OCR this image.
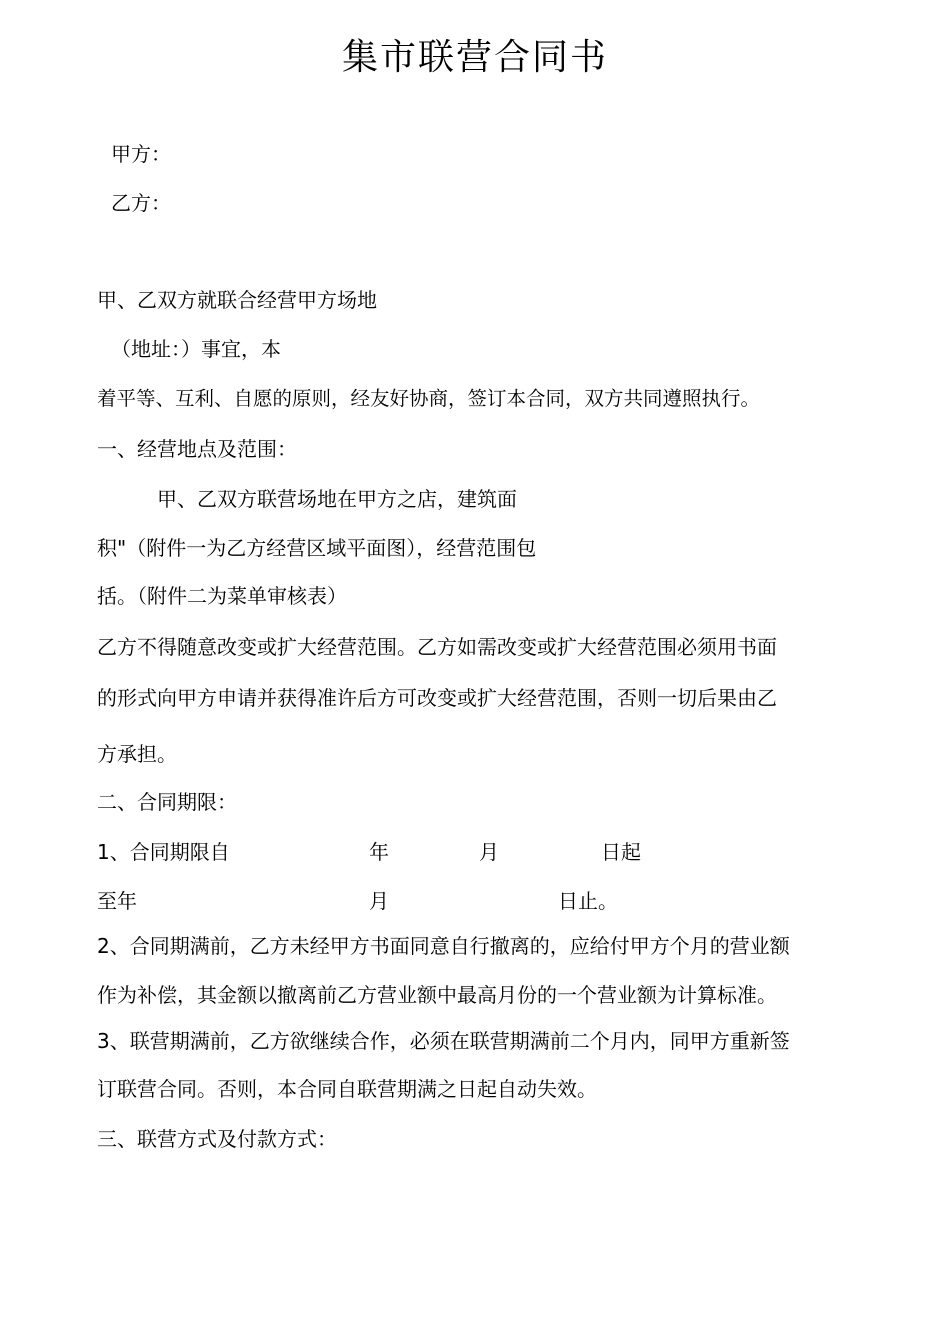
集市联营合同书
甲方：
乙方：
甲、乙双方就联合经营甲方场地
（地址：）事宜，本
着平等、互利、自愿的原则，经友好协商，签订本合同，双方共同遵照执行。
一、经营地点及范围：
甲、乙双方联营场地在甲方之店，建筑面
积"（附件一为乙方经营区域平面图），经营范围包
括。（附件二为菜单审核表）
乙方不得随意改变或扩大经营范围。乙方如需改变或扩大经营范围必须用书面
的形式向甲方申请并获得准许后方可改变或扩大经营范围，否则一切后果由乙
方承担。
二、合同期限：
1、合同期限自	年	月	日起
至年	月	日止。
2、合同期满前，乙方未经甲方书面同意自行撤离的，应给付甲方个月的营业额
作为补偿，其金额以撤离前乙方营业额中最高月份的一个营业额为计算标准。
3、联营期满前，乙方欲继续合作，必须在联营期满前二个月内，同甲方重新签
订联营合同。否则，本合同自联营期满之日起自动失效。
三、联营方式及付款方式：
